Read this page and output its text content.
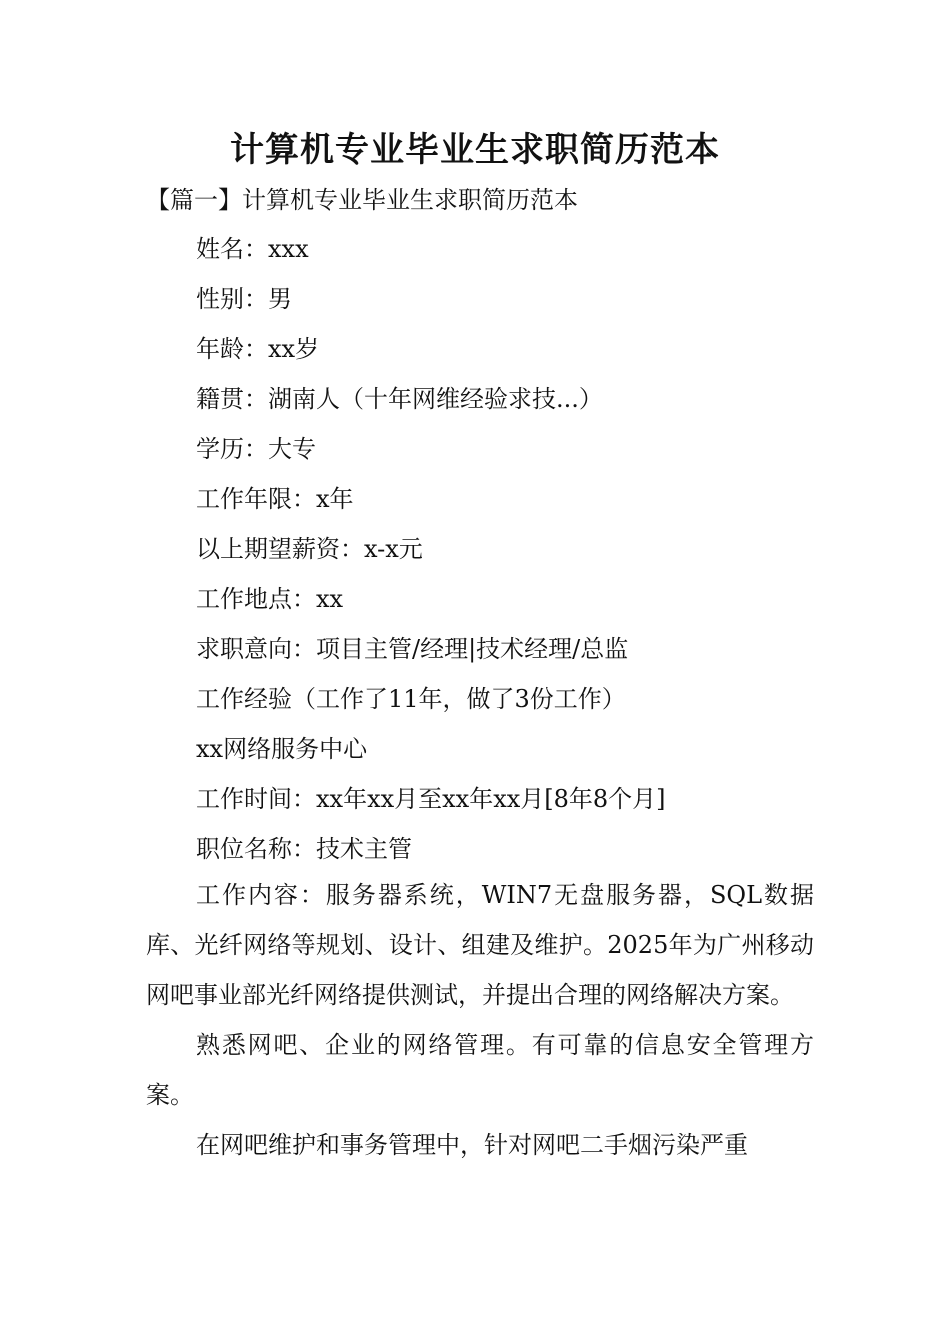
计算机专业毕业生求职简历范本
【篇一】计算机专业毕业生求职简历范本
姓名：xxx
性别：男
年龄：xx岁
籍贯：湖南人（十年网维经验求技...）
学历：大专
工作年限：x年
以上期望薪资：x-x元
工作地点：xx
求职意向：项目主管/经理|技术经理/总监
工作经验（工作了11年，做了3份工作）
xx网络服务中心
工作时间：xx年xx月至xx年xx月[8年8个月]
职位名称：技术主管

工作内容：服务器系统，WIN7无盘服务器，SQL数据库、光纤网络等规划、设计、组建及维护。2025年为广州移动网吧事业部光纤网络提供测试，并提出合理的网络解决方案。

熟悉网吧、企业的网络管理。有可靠的信息安全管理方案。

在网吧维护和事务管理中，针对网吧二手烟污染严重
